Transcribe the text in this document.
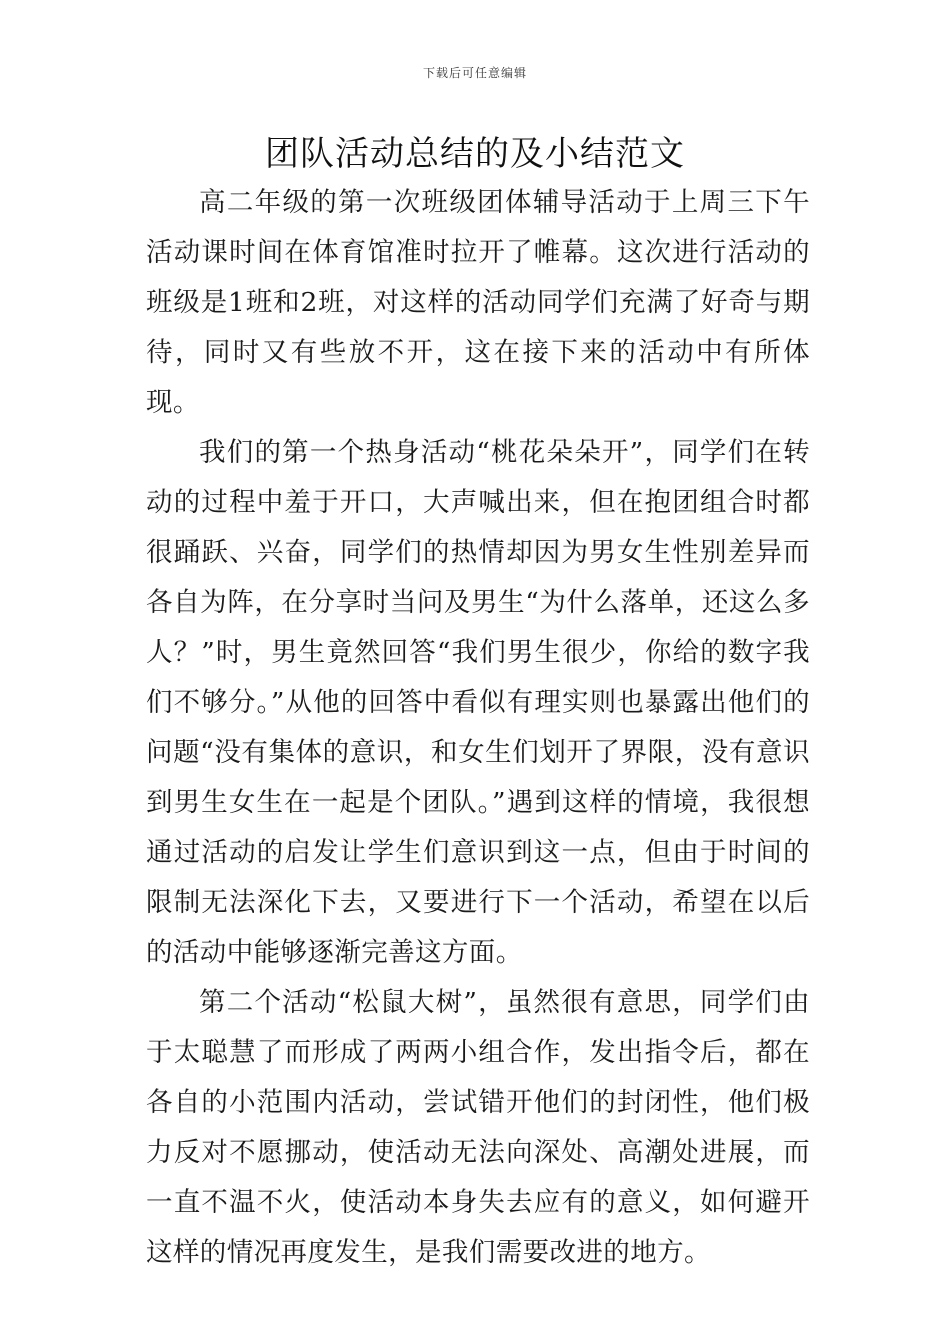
下载后可任意编辑
团队活动总结的及小结范文

高二年级的第一次班级团体辅导活动于上周三下午活动课时间在体育馆准时拉开了帷幕。这次进行活动的班级是1班和2班，对这样的活动同学们充满了好奇与期待，同时又有些放不开，这在接下来的活动中有所体现。

我们的第一个热身活动“桃花朵朵开”，同学们在转动的过程中羞于开口，大声喊出来，但在抱团组合时都很踊跃、兴奋，同学们的热情却因为男女生性别差异而各自为阵，在分享时当问及男生“为什么落单，还这么多人？”时，男生竟然回答“我们男生很少，你给的数字我们不够分。”从他的回答中看似有理实则也暴露出他们的问题“没有集体的意识，和女生们划开了界限，没有意识到男生女生在一起是个团队。”遇到这样的情境，我很想通过活动的启发让学生们意识到这一点，但由于时间的限制无法深化下去，又要进行下一个活动，希望在以后的活动中能够逐渐完善这方面。

第二个活动“松鼠大树”，虽然很有意思，同学们由于太聪慧了而形成了两两小组合作，发出指令后，都在各自的小范围内活动，尝试错开他们的封闭性，他们极力反对不愿挪动，使活动无法向深处、高潮处进展，而一直不温不火，使活动本身失去应有的意义，如何避开这样的情况再度发生，是我们需要改进的地方。
